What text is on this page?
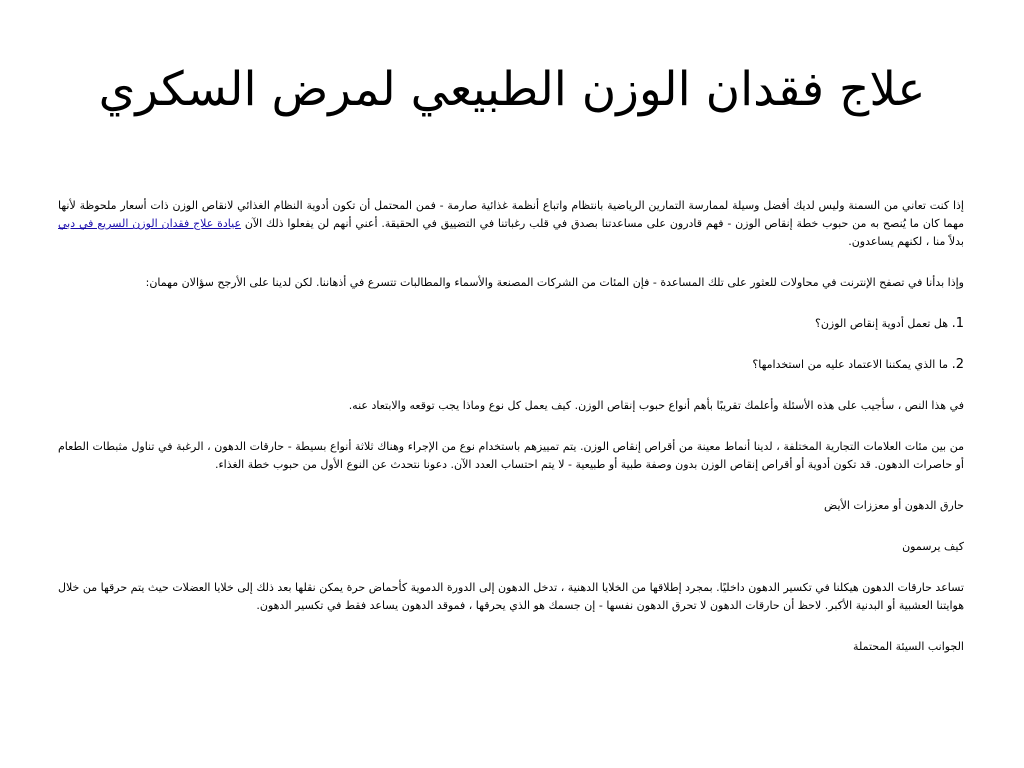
علاج فقدان الوزن الطبيعي لمرض السكري

إذا كنت تعاني من السمنة وليس لديك أفضل وسيلة لممارسة التمارين الرياضية بانتظام واتباع أنظمة غذائية صارمة - فمن المحتمل أن تكون أدوية النظام الغذائي لانقاص الوزن ذات أسعار ملحوظة لأنها مهما كان ما يُنصح به من حبوب خطة إنقاص الوزن - فهم قادرون على مساعدتنا بصدق في قلب رغباتنا في التضييق في الحقيقة. أعني أنهم لن يفعلوا ذلك الآن عيادة علاج فقدان الوزن السريع في دبي بدلاً منا ، لكنهم يساعدون.

وإذا بدأنا في تصفح الإنترنت في محاولات للعثور على تلك المساعدة - فإن المئات من الشركات المصنعة والأسماء والمطالبات تتسرع في أذهاننا. لكن لدينا على الأرجح سؤالان مهمان:

1. هل تعمل أدوية إنقاص الوزن؟

2. ما الذي يمكننا الاعتماد عليه من استخدامها؟

في هذا النص ، سأجيب على هذه الأسئلة وأعلمك تقريبًا بأهم أنواع حبوب إنقاص الوزن. كيف يعمل كل نوع وماذا يجب توقعه والابتعاد عنه.

من بين مئات العلامات التجارية المختلفة ، لدينا أنماط معينة من أقراص إنقاص الوزن. يتم تمييزهم باستخدام نوع من الإجراء وهناك ثلاثة أنواع بسيطة - حارقات الدهون ، الرغبة في تناول مثبطات الطعام أو حاصرات الدهون. قد تكون أدوية أو أقراص إنقاص الوزن بدون وصفة طبية أو طبيعية - لا يتم احتساب العدد الآن. دعونا نتحدث عن النوع الأول من حبوب خطة الغذاء.

حارق الدهون أو معززات الأيض

كيف يرسمون

تساعد حارقات الدهون هيكلنا في تكسير الدهون داخليًا. بمجرد إطلاقها من الخلايا الدهنية ، تدخل الدهون إلى الدورة الدموية كأحماض حرة يمكن نقلها بعد ذلك إلى خلايا العضلات حيث يتم حرقها من خلال هوايتنا العشبية أو البدنية الأكبر. لاحظ أن حارقات الدهون لا تحرق الدهون نفسها - إن جسمك هو الذي يحرقها ، فموقد الدهون يساعد فقط في تكسير الدهون.

الجوانب السيئة المحتملة
